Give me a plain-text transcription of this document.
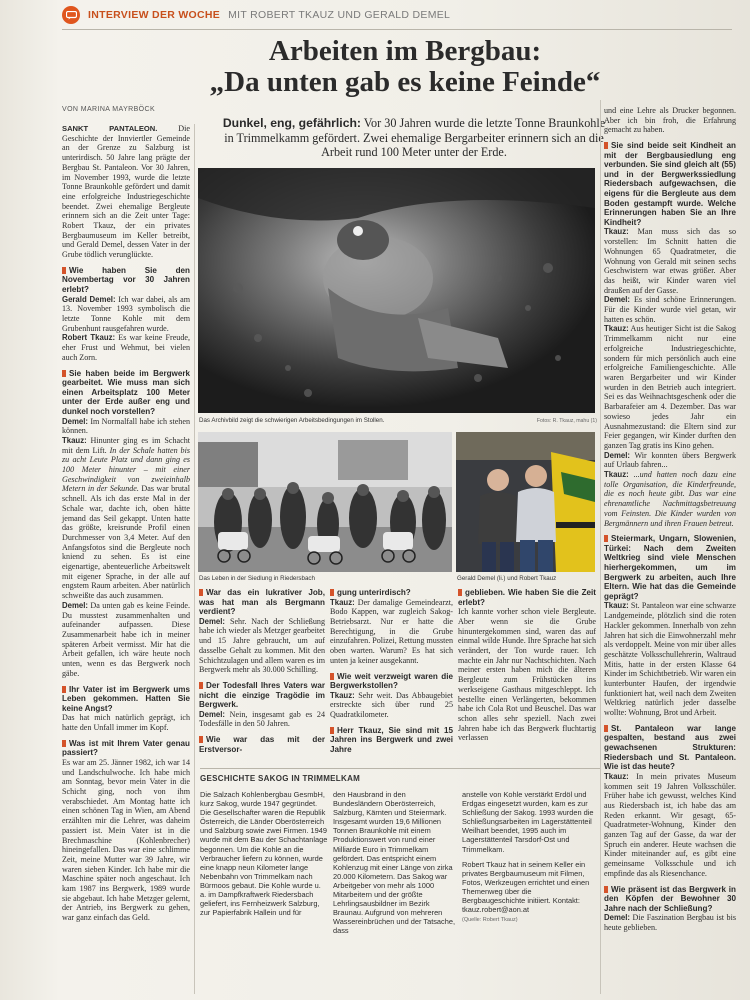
INTERVIEW DER WOCHE MIT ROBERT TKAUZ UND GERALD DEMEL
Arbeiten im Bergbau:
„Da unten gab es keine Feinde“
VON MARINA MAYRBÖCK
Dunkel, eng, gefährlich: Vor 30 Jahren wurde die letzte Tonne Braunkohle in Trimmelkamm gefördert. Zwei ehemalige Bergarbeiter erinnern sich an die Arbeit rund 100 Meter unter der Erde.

SANKT PANTALEON. Die Geschichte der Innviertler Gemeinde an der Grenze zu Salzburg ist unterirdisch. 50 Jahre lang prägte der Bergbau St. Pantaleon. Vor 30 Jahren, im November 1993, wurde die letzte Tonne Braunkohle gefördert und damit eine erfolgreiche Industriegeschichte beendet. Zwei ehemalige Bergleute erinnern sich an die Zeit unter Tage: Robert Tkauz, der ein privates Bergbaumuseum im Keller betreibt, und Gerald Demel, dessen Vater in der Grube tödlich verunglückte.

Wie haben Sie den Novembertag vor 30 Jahren erlebt?

Gerald Demel: Ich war dabei, als am 13. November 1993 symbolisch die letzte Tonne Kohle mit dem Grubenhunt rausgefahren wurde.

Robert Tkauz: Es war keine Freude, eher Frust und Wehmut, bei vielen auch Zorn.

Sie haben beide im Bergwerk gearbeitet. Wie muss man sich einen Arbeitsplatz 100 Meter unter der Erde außer eng und dunkel noch vorstellen?

Demel: Im Normalfall habe ich stehen können.

Tkauz: Hinunter ging es im Schacht mit dem Lift. In der Schale hatten bis zu acht Leute Platz und dann ging es 100 Meter hinunter – mit einer Geschwindigkeit von zweieinhalb Metern in der Sekunde. Das war brutal schnell. Als ich das erste Mal in der Schale war, dachte ich, oben hätte jemand das Seil gekappt. Unten hatte das größte, kreisrunde Profil einen Durchmesser von 3,4 Meter. Auf den Anfangsfotos sind die Bergleute noch kniend zu sehen. Es ist eine eigenartige, abenteuerliche Arbeitswelt mit eigener Sprache, in der alle auf engstem Raum arbeiten. Aber natürlich schweißte das auch zusammen.

Demel: Da unten gab es keine Feinde. Du musstest zusammenhalten und aufeinander aufpassen. Diese Zusammenarbeit habe ich in meiner späteren Arbeit vermisst. Mir hat die Arbeit gefallen, ich wäre heute noch unten, wenn es das Bergwerk noch gäbe.

Ihr Vater ist im Bergwerk ums Leben gekommen. Hatten Sie keine Angst?

Das hat mich natürlich geprägt, ich hatte den Unfall immer im Kopf.

Was ist mit Ihrem Vater genau passiert?

Es war am 25. Jänner 1982, ich war 14 und Landschulwoche. Ich habe mich am Sonntag, bevor mein Vater in die Schicht ging, noch von ihm verabschiedet. Am Montag hatte ich einen schönen Tag in Wien, am Abend erzählten mir die Lehrer, was daheim passiert ist. Mein Vater ist in die Brechmaschine (Kohlenbrecher) hineingefallen. Das war eine schlimme Zeit, meine Mutter war 39 Jahre, wir waren sieben Kinder. Ich habe mir die Maschine später noch angeschaut. Ich kam 1987 ins Bergwerk, 1989 wurde sie abgebaut. Ich habe Metzger gelernt, der Antrieb, ins Bergwerk zu gehen, war ganz einfach das Geld.

Das Archivbild zeigt die schwierigen Arbeitsbedingungen im Stollen.	Fotos: R. Tkauz, mahu (1)
Das Leben in der Siedlung in Riedersbach	Gerald Demel (li.) und Robert Tkauz
War das ein lukrativer Job, was hat man als Bergmann verdient?

Demel: Sehr. Nach der Schließung habe ich wieder als Metzger gearbeitet und 15 Jahre gebraucht, um auf dasselbe Gehalt zu kommen. Mit den Schichtzulagen und allem waren es im Bergwerk mehr als 30.000 Schilling.

Der Todesfall Ihres Vaters war nicht die einzige Tragödie im Bergwerk.

Demel: Nein, insgesamt gab es 24 Todesfälle in den 50 Jahren.

Wie war das mit der Erstversor-
gung unterirdisch?

Tkauz: Der damalige Gemeindearzt, Bodo Kappen, war zugleich Sakog-Betriebsarzt. Nur er hatte die Berechtigung, in die Grube einzufahren. Polizei, Rettung mussten oben warten. Warum? Es hat sich unten ja keiner ausgekannt.

Wie weit verzweigt waren die Bergwerkstollen?

Tkauz: Sehr weit. Das Abbaugebiet erstreckte sich über rund 25 Quadratkilometer.

Herr Tkauz, Sie sind mit 15 Jahren ins Bergwerk und zwei Jahre
geblieben. Wie haben Sie die Zeit erlebt?

Ich kannte vorher schon viele Bergleute. Aber wenn sie die Grube hinuntergekommen sind, waren das auf einmal wilde Hunde. Ihre Sprache hat sich verändert, der Ton wurde rauer. Ich machte ein Jahr nur Nachtschichten. Nach meiner ersten haben mich die älteren Bergleute zum Frühstücken ins werkseigene Gasthaus mitgeschleppt. Ich bestellte einen Verlängerten, bekommen habe ich Cola Rot und Beuschel. Das war schon alles sehr speziell. Nach zwei Jahren habe ich das Bergwerk fluchtartig verlassen

und eine Lehre als Drucker begonnen. Aber ich bin froh, die Erfahrung gemacht zu haben.

Sie sind beide seit Kindheit an mit der Bergbausiedlung eng verbunden. Sie sind gleich alt (55) und in der Bergwerkssiedlung Riedersbach aufgewachsen, die eigens für die Bergleute aus dem Boden gestampft wurde. Welche Erinnerungen haben Sie an Ihre Kindheit?

Tkauz: Man muss sich das so vorstellen: Im Schnitt hatten die Wohnungen 65 Quadratmeter, die Wohnung von Gerald mit seinen sechs Geschwistern war etwas größer. Aber das heißt, wir Kinder waren viel draußen auf der Gasse.

Demel: Es sind schöne Erinnerungen. Für die Kinder wurde viel getan, wir hatten es schön.

Tkauz: Aus heutiger Sicht ist die Sakog Trimmelkamm nicht nur eine erfolgreiche Industriegeschichte, sondern für mich persönlich auch eine erfolgreiche Familiengeschichte. Alle waren Bergarbeiter und wir Kinder wurden in den Betrieb auch integriert. Sei es das Weihnachtsgeschenk oder die Barbarafeier am 4. Dezember. Das war sowieso jedes Jahr ein Ausnahmezustand: die Eltern sind zur Feier gegangen, wir Kinder durften den ganzen Tag gratis ins Kino gehen.

Demel: Wir konnten übers Bergwerk auf Urlaub fahren...

Tkauz: ...und hatten noch dazu eine tolle Organisation, die Kinderfreunde, die es noch heute gibt. Das war eine ehrenamtliche Nachmittagsbetreuung vom Feinsten. Die Kinder wurden von Bergmännern und ihren Frauen betreut.

Steiermark, Ungarn, Slowenien, Türkei: Nach dem Zweiten Weltkrieg sind viele Menschen hierhergekommen, um im Bergwerk zu arbeiten, auch Ihre Eltern. Wie hat das die Gemeinde geprägt?

Tkauz: St. Pantaleon war eine schwarze Landgemeinde, plötzlich sind die roten Hackler gekommen. Innerhalb von zehn Jahren hat sich die Einwohnerzahl mehr als verdoppelt. Meine von mir über alles geschätzte Volksschullehrerin, Waltraud Mitis, hatte in der ersten Klasse 64 Kinder im Schichtbetrieb. Wir waren ein kunterbunter Haufen, der irgendwie funktioniert hat, weil nach dem Zweiten Weltkrieg natürlich jeder dasselbe wollte: Wohnung, Brot und Arbeit.

St. Pantaleon war lange gespalten, bestand aus zwei gewachsenen Strukturen: Riedersbach und St. Pantaleon. Wie ist das heute?

Tkauz: In mein privates Museum kommen seit 19 Jahren Volksschüler. Früher habe ich gewusst, welches Kind aus Riedersbach ist, ich habe das am Reden erkannt. Wir gesagt, 65-Quadratmeter-Wohnung, Kinder den ganzen Tag auf der Gasse, da war der Spruch ein anderer. Heute wachsen die Kinder miteinander auf, es gibt eine gemeinsame Volksschule und ich empfinde das als Riesenchance.

Wie präsent ist das Bergwerk in den Köpfen der Bewohner 30 Jahre nach der Schließung?

Demel: Die Faszination Bergbau ist bis heute geblieben.

GESCHICHTE SAKOG IN TRIMMELKAM
Die Salzach Kohlenbergbau GesmbH, kurz Sakog, wurde 1947 gegründet. Die Gesellschafter waren die Republik Österreich, die Länder Oberösterreich und Salzburg sowie zwei Firmen. 1949 wurde mit dem Bau der Schachtanlage begonnen. Um die Kohle an die Verbraucher liefern zu können, wurde eine knapp neun Kilometer lange Nebenbahn von Trimmelkam nach Bürmoos gebaut. Die Kohle wurde u. a. im Dampfkraftwerk Riedersbach geliefert, ins Fernheizwerk Salzburg, zur Papierfabrik Hallein und für
den Hausbrand in den Bundesländern Oberösterreich, Salzburg, Kärnten und Steiermark. Insgesamt wurden 19,6 Millionen Tonnen Braunkohle mit einem Produktionswert von rund einer Milliarde Euro in Trimmelkam gefördert. Das entspricht einem Kohlenzug mit einer Länge von zirka 20.000 Kilometern. Das Sakog war Arbeitgeber von mehr als 1000 Mitarbeitern und der größte Lehrlingsausbildner im Bezirk Braunau. Aufgrund von mehreren Wassereinbrüchen und der Tatsache, dass

anstelle von Kohle verstärkt Erdöl und Erdgas eingesetzt wurden, kam es zur Schließung der Sakog. 1993 wurden die Schließungsarbeiten im Lagerstättenteil Weilhart beendet, 1995 auch im Lagerstättenteil Tarsdorf-Ost und Trimmelkam.

Robert Tkauz hat in seinem Keller ein privates Bergbaumuseum mit Filmen, Fotos, Werkzeugen errichtet und einen Themenweg über die Bergbaugeschichte initiiert. Kontakt: tkauz.robert@aon.at

(Quelle: Robert Tkauz)
